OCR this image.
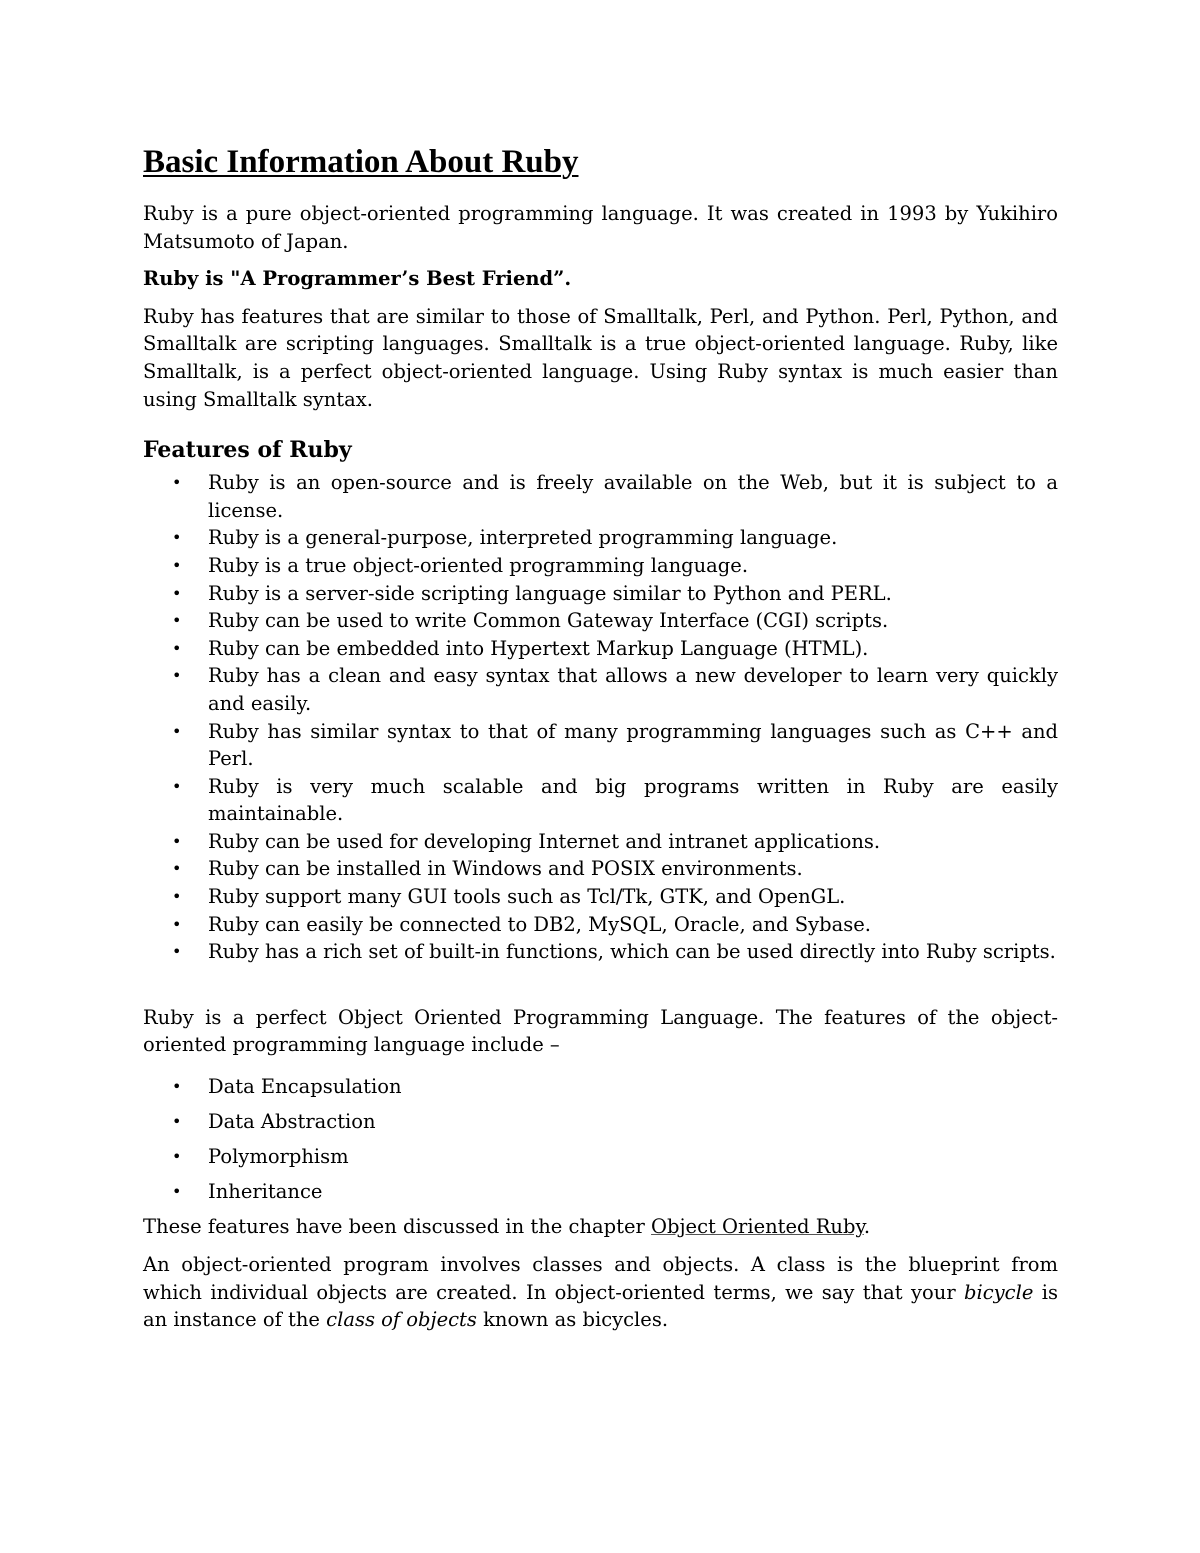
Basic Information About Ruby

Ruby is a pure object-oriented programming language. It was created in 1993 by Yukihiro Matsumoto of Japan.

Ruby is "A Programmer’s Best Friend”.

Ruby has features that are similar to those of Smalltalk, Perl, and Python. Perl, Python, and Smalltalk are scripting languages. Smalltalk is a true object-oriented language. Ruby, like Smalltalk, is a perfect object-oriented language. Using Ruby syntax is much easier than using Smalltalk syntax.

Features of Ruby
• Ruby is an open-source and is freely available on the Web, but it is subject to a license.
• Ruby is a general-purpose, interpreted programming language.
• Ruby is a true object-oriented programming language.
• Ruby is a server-side scripting language similar to Python and PERL.
• Ruby can be used to write Common Gateway Interface (CGI) scripts.
• Ruby can be embedded into Hypertext Markup Language (HTML).
• Ruby has a clean and easy syntax that allows a new developer to learn very quickly and easily.
• Ruby has similar syntax to that of many programming languages such as C++ and Perl.
• Ruby is very much scalable and big programs written in Ruby are easily maintainable.
• Ruby can be used for developing Internet and intranet applications.
• Ruby can be installed in Windows and POSIX environments.
• Ruby support many GUI tools such as Tcl/Tk, GTK, and OpenGL.
• Ruby can easily be connected to DB2, MySQL, Oracle, and Sybase.
• Ruby has a rich set of built-in functions, which can be used directly into Ruby scripts.

Ruby is a perfect Object Oriented Programming Language. The features of the object-oriented programming language include –

• Data Encapsulation
• Data Abstraction
• Polymorphism
• Inheritance

These features have been discussed in the chapter Object Oriented Ruby.

An object-oriented program involves classes and objects. A class is the blueprint from which individual objects are created. In object-oriented terms, we say that your bicycle is an instance of the class of objects known as bicycles.
